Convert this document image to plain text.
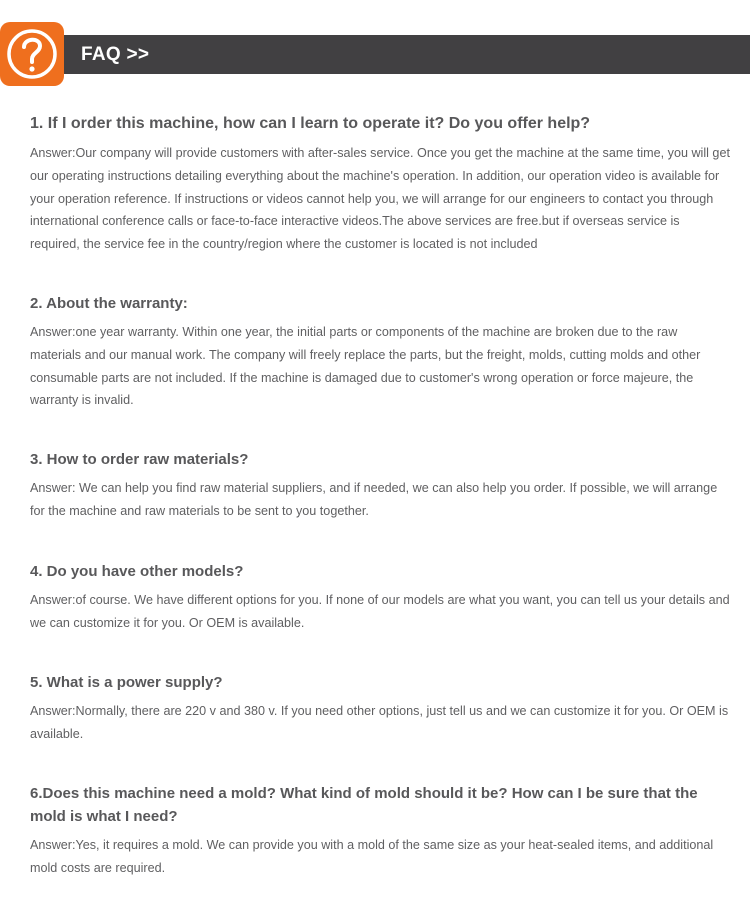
FAQ >>
1. If I order this machine, how can I learn to operate it? Do you offer help?
Answer:Our company will provide customers with after-sales service. Once you get the machine at the same time, you will get our operating instructions detailing everything about the machine's operation. In addition, our operation video is available for your operation reference. If instructions or videos cannot help you, we will arrange for our engineers to contact you through international conference calls or face-to-face interactive videos.The above services are free.but if overseas service is required, the service fee in the country/region where the customer is located is not included
2. About the warranty:
Answer:one year warranty. Within one year, the initial parts or components of the machine are broken due to the raw materials and our manual work. The company will freely replace the parts, but the freight, molds, cutting molds and other consumable parts are not included. If the machine is damaged due to customer's wrong operation or force majeure, the warranty is invalid.
3. How to order raw materials?
Answer: We can help you find raw material suppliers, and if needed, we can also help you order. If possible, we will arrange for the machine and raw materials to be sent to you together.
4. Do you have other models?
Answer:of course. We have different options for you. If none of our models are what you want, you can tell us your details and we can customize it for you. Or OEM is available.
5. What is a power supply?
Answer:Normally, there are 220 v and 380 v. If you need other options, just tell us and we can customize it for you. Or OEM is available.
6.Does this machine need a mold? What kind of mold should it be? How can I be sure that the mold is what I need?
Answer:Yes, it requires a mold. We can provide you with a mold of the same size as your heat-sealed items, and additional mold costs are required.
